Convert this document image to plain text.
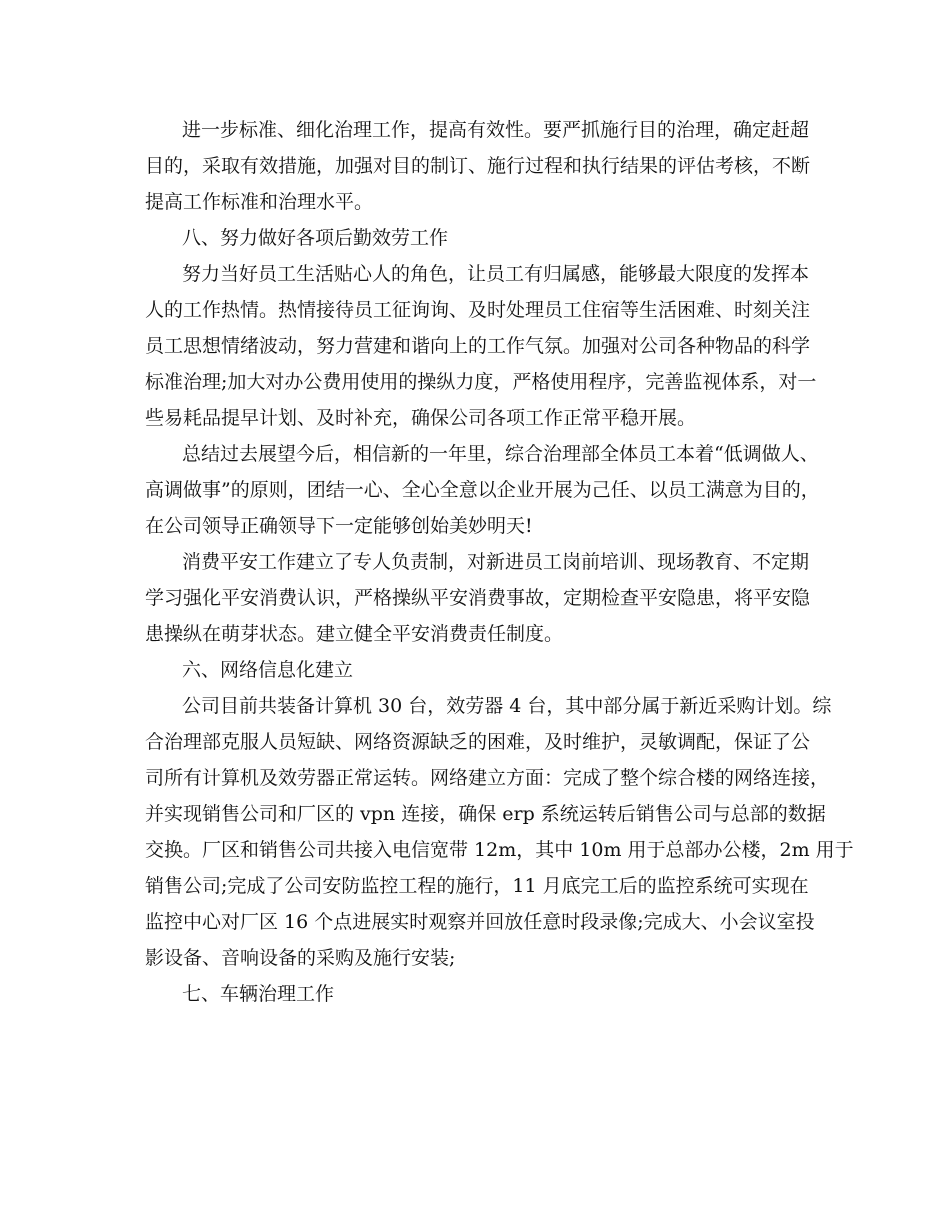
进一步标准、细化治理工作，提高有效性。要严抓施行目的治理，确定赶超
目的，采取有效措施，加强对目的制订、施行过程和执行结果的评估考核，不断
提高工作标准和治理水平。
八、努力做好各项后勤效劳工作
努力当好员工生活贴心人的角色，让员工有归属感，能够最大限度的发挥本
人的工作热情。热情接待员工征询询、及时处理员工住宿等生活困难、时刻关注
员工思想情绪波动，努力营建和谐向上的工作气氛。加强对公司各种物品的科学
标准治理;加大对办公费用使用的操纵力度，严格使用程序，完善监视体系，对一
些易耗品提早计划、及时补充，确保公司各项工作正常平稳开展。
总结过去展望今后，相信新的一年里，综合治理部全体员工本着“低调做人、
高调做事”的原则，团结一心、全心全意以企业开展为己任、以员工满意为目的，
在公司领导正确领导下一定能够创始美妙明天!
消费平安工作建立了专人负责制，对新进员工岗前培训、现场教育、不定期
学习强化平安消费认识，严格操纵平安消费事故，定期检查平安隐患，将平安隐
患操纵在萌芽状态。建立健全平安消费责任制度。
六、网络信息化建立
公司目前共装备计算机 30 台，效劳器 4 台，其中部分属于新近采购计划。综
合治理部克服人员短缺、网络资源缺乏的困难，及时维护，灵敏调配，保证了公
司所有计算机及效劳器正常运转。网络建立方面：完成了整个综合楼的网络连接，
并实现销售公司和厂区的 vpn 连接，确保 erp 系统运转后销售公司与总部的数据
交换。厂区和销售公司共接入电信宽带 12m，其中 10m 用于总部办公楼，2m 用于
销售公司;完成了公司安防监控工程的施行，11 月底完工后的监控系统可实现在
监控中心对厂区 16 个点进展实时观察并回放任意时段录像;完成大、小会议室投
影设备、音响设备的采购及施行安装;
七、车辆治理工作
